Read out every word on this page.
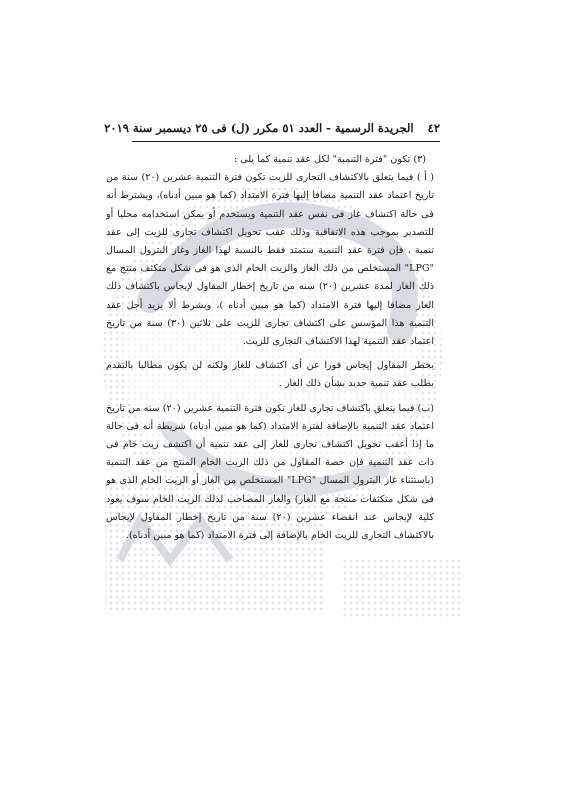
٤٢ الجريدة الرسمية - العدد ٥١ مكرر (ل) فى ٢٥ ديسمبر سنة ٢٠١٩

(٣) تكون "فترة التنمية" لكل عقد تنمية كما يلى :

( أ ) فيما يتعلق بالاكتشاف التجارى للزيت تكون فترة التنمية عشرين (٢٠) سنة من تاريخ اعتماد عقد التنمية مضافا إليها فترة الامتداد (كما هو مبين أدناه)، ويشترط أنه فى حالة اكتشاف غاز فى نفس عقد التنمية ويستخدم أو يمكن استخدامه محليا أو للتصدير بموجب هذه الاتفاقية وذلك عقب تحويل اكتشاف تجارى للزيت إلى عقد تنمية ، فإن فترة عقد التنمية ستمتد فقط بالنسبة لهذا الغاز وغاز البترول المسال "LPG" المستخلص من ذلك الغاز والزيت الخام الذى هو فى شكل متكثف منتج مع ذلك الغاز لمدة عشرين (٢٠) سنه من تاريخ إخطار المقاول لإيجاس باكتشاف ذلك الغاز مضافا إليها فترة الامتداد (كما هو مبين أدناه )، وبشرط ألا يزيد أجل عقد التنمية هذا المؤسس على اكتشاف تجارى للزيت على ثلاثين (٣٠) سنة من تاريخ اعتماد عقد التنمية لهذا الاكتشاف التجارى للزيت.

يخطر المقاول إيجاس فورا عن أى اكتشاف للغاز ولكنه لن يكون مطالبا بالتقدم بطلب عقد تنمية جديد بشأن ذلك الغاز .

(ب) فيما يتعلق باكتشاف تجارى للغاز تكون فترة التنمية عشرين (٢٠) سنه من تاريخ اعتماد عقد التنمية بالإضافة لفترة الامتداد (كما هو مبين أدناه) شريطة أنه فى حالة ما إذا أعقب تحويل اكتشاف تجارى للغاز إلى عقد تنمية أن اكتشف زيت خام فى ذات عقد التنمية فإن حصة المقاول من ذلك الزيت الخام المنتج من عقد التنمية (باستثناء غاز البترول المسال "LPG" المستخلص من الغاز أو الزيت الخام الذى هو فى شكل متكثفات منتجة مع الغاز) والغاز المصاحب لذلك الزيت الخام سوف يعود كلية لإيجاس عند انقضاء عشرين (٢٠) سنة من تاريخ إخطار المقاول لإيجاس بالاكتشاف التجارى للزيت الخام بالإضافة إلى فترة الامتداد (كما هو مبين أدناه).
